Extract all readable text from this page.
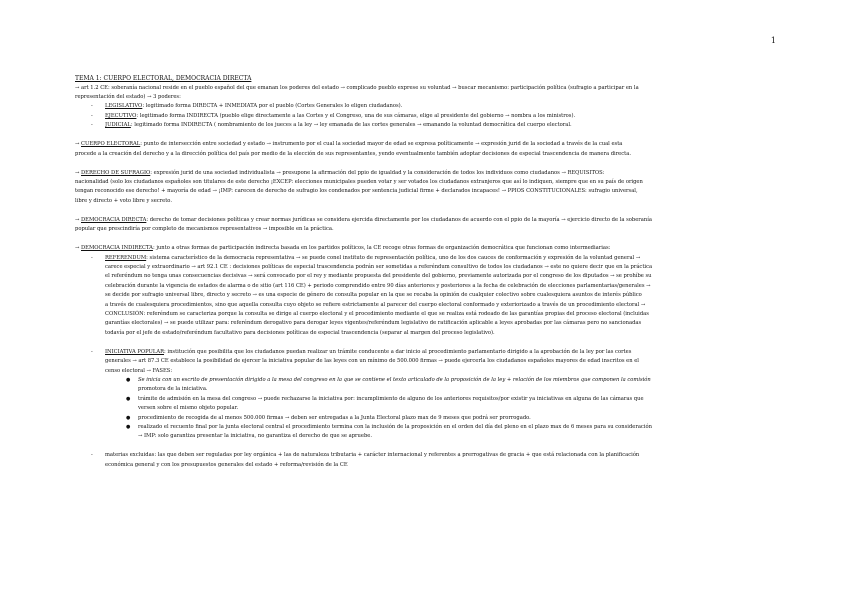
1
TEMA 1: CUERPO ELECTORAL, DEMOCRACIA DIRECTA
→ art 1.2 CE: soberanía nacional reside en el pueblo español del que emanan los poderes del estado → complicado pueblo exprese su voluntad → buscar mecanismo: participación política (sufragio a participar en la
representación del estado) → 3 poderes:
-	LEGISLATIVO: legitimado forma DIRECTA + INMEDIATA por el pueblo (Cortes Generales lo eligen ciudadanos).
-	EJECUTIVO: legitimado forma INDIRECTA (pueblo elige directamente a las Cortes y el Congreso, una de sus cámaras, elige al presidente del gobierno → nombra a los ministros).
-	JUDICIAL: legitimado forma INDIRECTA ( nombramiento de los jueces a la ley → ley emanada de las cortes generales → emanando la voluntad democrática del cuerpo electoral.
→ CUERPO ELECTORAL: punto de intersección entre sociedad y estado → instrumento por el cual la sociedad mayor de edad se expresa políticamente → expresión jurid de la sociedad a través de la cual esta
procede a la creación del derecho y a la dirección política del país por medio de la elección de sus representantes, yendo eventualmente también adoptar decisiones de especial trascendencia de manera directa.
→ DERECHO DE SUFRAGIO: expresión jurid de una sociedad individualista → presupone la afirmación del ppio de igualdad y la consideración de todos los individuos como ciudadanos → REQUISITOS:
nacionalidad (solo los ciudadanos españoles son titulares de este derecho ¡EXCEP: elecciones municipales pueden votar y ser votados los ciudadanos extranjeros que así lo indiquen, siempre que en su país de origen
tengan reconocido ese derecho! + mayoría de edad → ¡IMP: carecen de derecho de sufragio los condenados por sentencia judicial firme + declarados incapaces! → PPIOS CONSTITUCIONALES: sufragio universal,
libre y directo + voto libre y secreto.
→ DEMOCRACIA DIRECTA: derecho de tomar decisiones políticas y crear normas jurídicas se considera ejercida directamente por los ciudadanos de acuerdo con el ppio de la mayoría → ejercicio directo de la soberanía
popular que prescindiría por completo de mecanismos representativos → imposible en la práctica.
→ DEMOCRACIA INDIRECTA: junto a otras formas de participación indirecta basada en los partidos políticos, la CE recoge otras formas de organización democrática que funcionan como intermediarias:
-	REFERENDUM: sistema característico de la democracia representativa → se puede conel instituto de representación política, uno de los dos cauces de conformación y expresión de la voluntad general →
carece especial y extraordinario → art 92.1 CE : decisiones políticas de especial trascendencia podrán ser sometidas a referéndum consultivo de todos los ciudadanos → este no quiere decir que en la práctica
el referéndum no tenga unas consecuencias decisivas → será convocado por el rey y mediante propuesta del presidente del gobierno, previamente autorizada por el congreso de los diputados → se prohíbe su
celebración durante la vigencia de estados de alarma o de sitio (art 116 CE) + periodo comprendido entre 90 días anteriores y posteriores a la fecha de celebración de elecciones parlamentarias/generales →
se decide por sufragio universal libre, directo y secreto → es una especie de género de consulta popular en la que se recaba la opinión de cualquier colectivo sobre cualesquiera asuntos de interés público
a través de cualesquiera procedimientos, sino que aquella consulta cuyo objeto se refiere estrictamente al parecer del cuerpo electoral conformado y exteriorizado a través de un procedimiento electoral →
CONCLUSIÓN: referéndum se caracteriza porque la consulta se dirige al cuerpo electoral y el procedimiento mediante el que se realiza está rodeado de las garantías propias del proceso electoral (incluidas
garantías electorales) → se puede utilizar para: referéndum derogativo para derogar leyes vigentes/referéndum legislativo de ratificación aplicable a leyes aprobadas por las cámaras pero no sancionadas
todavía por el jefe de estado/referéndum facultativo para decisiones políticas de especial trascendencia (separar al margen del proceso legislativo).
-	INICIATIVA POPULAR: institución que posibilita que los ciudadanos puedan realizar un trámite conducente a dar inicio al procedimiento parlamentario dirigido a la aprobación de la ley por las cortes
generales → art 87.3 CE establece la posibilidad de ejercer la iniciativa popular de las leyes con un mínimo de 500.000 firmas → puede ejercerla los ciudadanos españoles mayores de edad inscritos en el
censo electoral → FASES:
●	Se inicia con un escrito de presentación dirigido a la mesa del congreso en la que se contiene el texto articulado de la proposición de la ley + relación de los miembros que componen la comisión
promotora de la iniciativa.
●	trámite de admisión en la mesa del congreso → puede rechazarse la iniciativa por: incumplimiento de alguno de los anteriores requisitos/por existir ya iniciativas en alguna de las cámaras que
versen sobre el mismo objeto popular.
●	procedimiento de recogida de al menos 500.000 firmas → deben ser entregadas a la Junta Electoral plazo max de 9 meses que podrá ser prorrogado.
●	realizado el recuento final por la junta electoral central el procedimiento termina con la inclusión de la proposición en el orden del día del pleno en el plazo max de 6 meses para su consideración
→ IMP: solo garantiza presentar la iniciativa, no garantiza el derecho de que se apruebe.
-	materias excluidas: las que deben ser reguladas por ley orgánica + las de naturaleza tributaria + carácter internacional y referentes a prerrogativas de gracia + que está relacionada con la planificación
económica general y con los presupuestos generales del estado + reforma/revisión de la CE
